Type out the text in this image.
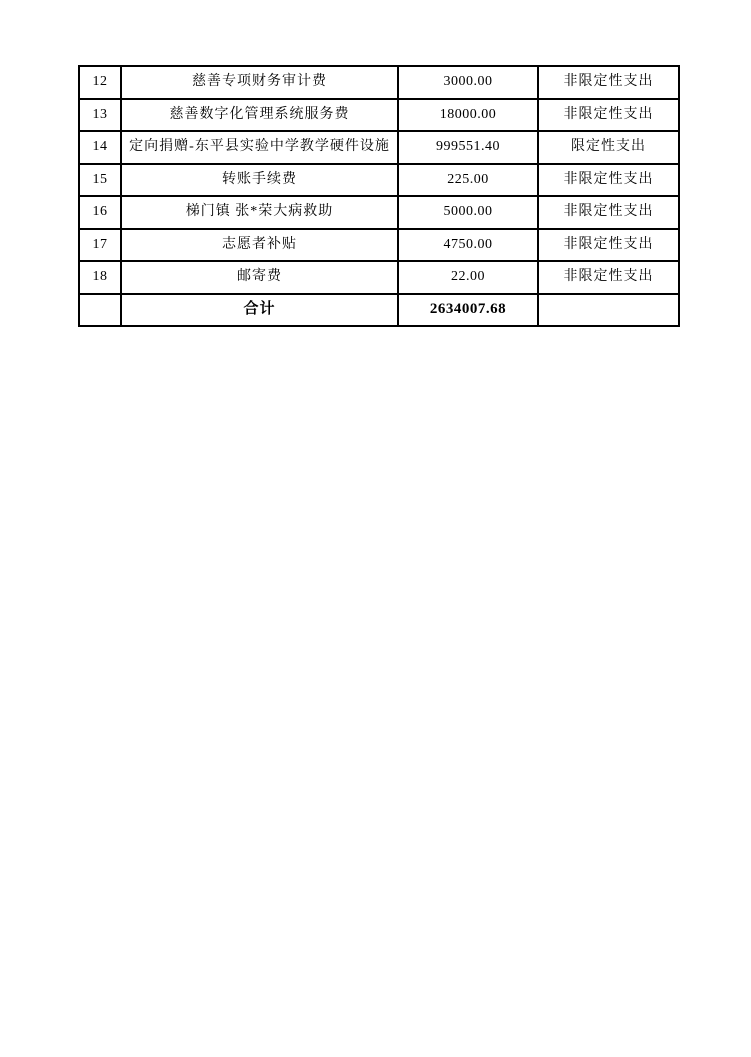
12	慈善专项财务审计费	3000.00	非限定性支出
13	慈善数字化管理系统服务费	18000.00	非限定性支出
14	定向捐赠-东平县实验中学教学硬件设施	999551.40	限定性支出
15	转账手续费	225.00	非限定性支出
16	梯门镇 张*荣大病救助	5000.00	非限定性支出
17	志愿者补贴	4750.00	非限定性支出
18	邮寄费	22.00	非限定性支出
	合计	2634007.68	
